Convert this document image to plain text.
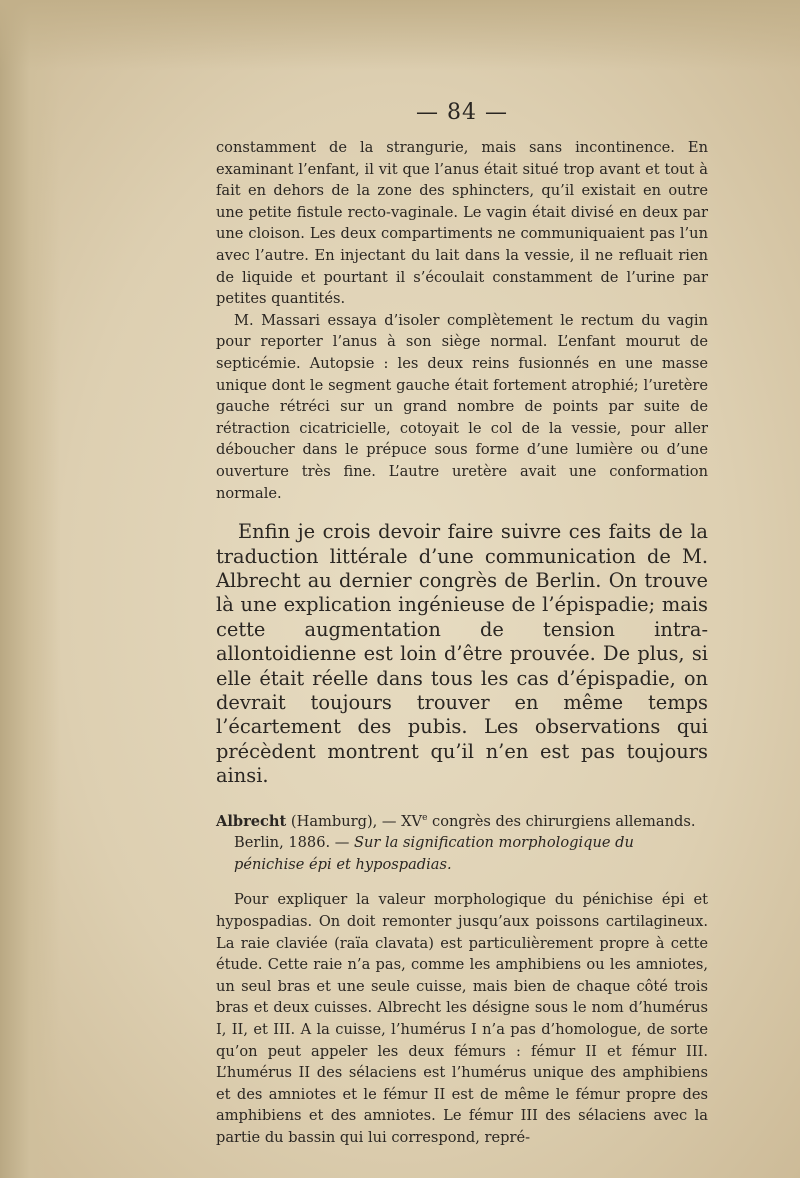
— 84 —

constamment de la strangurie, mais sans incontinence. En examinant l’enfant, il vit que l’anus était situé trop avant et tout à fait en dehors de la zone des sphincters, qu’il existait en outre une petite fistule recto-vaginale. Le vagin était divisé en deux par une cloison. Les deux compartiments ne communiquaient pas l’un avec l’autre. En injectant du lait dans la vessie, il ne refluait rien de liquide et pourtant il s’écoulait constamment de l’urine par petites quantités.

M. Massari essaya d’isoler complètement le rectum du vagin pour reporter l’anus à son siège normal. L’enfant mourut de septicémie. Autopsie : les deux reins fusionnés en une masse unique dont le segment gauche était fortement atrophié; l’uretère gauche rétréci sur un grand nombre de points par suite de rétraction cicatricielle, cotoyait le col de la vessie, pour aller déboucher dans le prépuce sous forme d’une lumière ou d’une ouverture très fine. L’autre uretère avait une conformation normale.

Enfin je crois devoir faire suivre ces faits de la traduction littérale d’une communication de M. Albrecht au dernier congrès de Berlin. On trouve là une explication ingénieuse de l’épispadie; mais cette augmentation de tension intra-allontoidienne est loin d’être prouvée. De plus, si elle était réelle dans tous les cas d’épispadie, on devrait toujours trouver en même temps l’écartement des pubis. Les observations qui précèdent montrent qu’il n’en est pas toujours ainsi.

Albrecht (Hamburg), — XVe congrès des chirurgiens allemands. Berlin, 1886. — Sur la signification morphologique du pénichise épi et hypospadias.

Pour expliquer la valeur morphologique du pénichise épi et hypospadias. On doit remonter jusqu’aux poissons cartilagineux. La raie claviée (raïa clavata) est particulièrement propre à cette étude. Cette raie n’a pas, comme les amphibiens ou les amniotes, un seul bras et une seule cuisse, mais bien de chaque côté trois bras et deux cuisses. Albrecht les désigne sous le nom d’humérus I, II, et III. A la cuisse, l’humérus I n’a pas d’homologue, de sorte qu’on peut appeler les deux fémurs : fémur II et fémur III. L’humérus II des sélaciens est l’humérus unique des amphibiens et des amniotes et le fémur II est de même le fémur propre des amphibiens et des amniotes. Le fémur III des sélaciens avec la partie du bassin qui lui correspond, repré-
